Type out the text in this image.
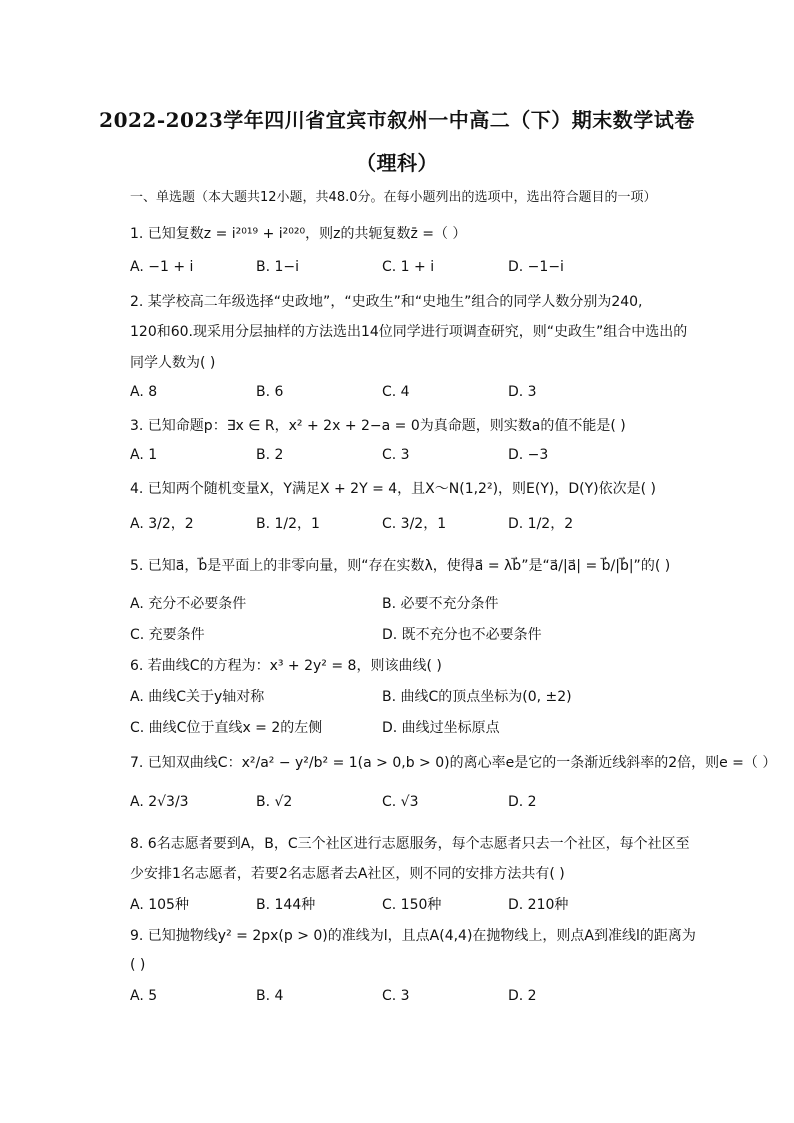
2022-2023学年四川省宜宾市叙州一中高二（下）期末数学试卷
（理科）
一、单选题（本大题共12小题，共48.0分。在每小题列出的选项中，选出符合题目的一项）
1. 已知复数z = i²⁰¹⁹ + i²⁰²⁰，则z的共轭复数z̄ =（ ）
A. −1 + i	B. 1−i	C. 1 + i	D. −1−i
2. 某学校高二年级选择“史政地”，“史政生”和“史地生”组合的同学人数分别为240,
120和60.现采用分层抽样的方法选出14位同学进行项调查研究，则“史政生”组合中选出的
同学人数为( )
A. 8	B. 6	C. 4	D. 3
3. 已知命题p：∃x ∈ R，x² + 2x + 2−a = 0为真命题，则实数a的值不能是( )
A. 1	B. 2	C. 3	D. −3
4. 已知两个随机变量X，Y满足X + 2Y = 4，且X～N(1,2²)，则E(Y)，D(Y)依次是( )
A. 3/2，2	B. 1/2，1	C. 3/2，1	D. 1/2，2
5. 已知a⃗，b⃗是平面上的非零向量，则“存在实数λ，使得a⃗ = λb⃗”是“a⃗/|a⃗| = b⃗/|b⃗|”的( )
A. 充分不必要条件	B. 必要不充分条件
C. 充要条件	D. 既不充分也不必要条件
6. 若曲线C的方程为：x³ + 2y² = 8，则该曲线( )
A. 曲线C关于y轴对称	B. 曲线C的顶点坐标为(0, ±2)
C. 曲线C位于直线x = 2的左侧	D. 曲线过坐标原点
7. 已知双曲线C：x²/a² − y²/b² = 1(a > 0,b > 0)的离心率e是它的一条渐近线斜率的2倍，则e =（ ）
A. 2√3/3	B. √2	C. √3	D. 2
8. 6名志愿者要到A，B，C三个社区进行志愿服务，每个志愿者只去一个社区，每个社区至
少安排1名志愿者，若要2名志愿者去A社区，则不同的安排方法共有( )
A. 105种	B. 144种	C. 150种	D. 210种
9. 已知抛物线y² = 2px(p > 0)的准线为l，且点A(4,4)在抛物线上，则点A到准线l的距离为
( )
A. 5	B. 4	C. 3	D. 2
